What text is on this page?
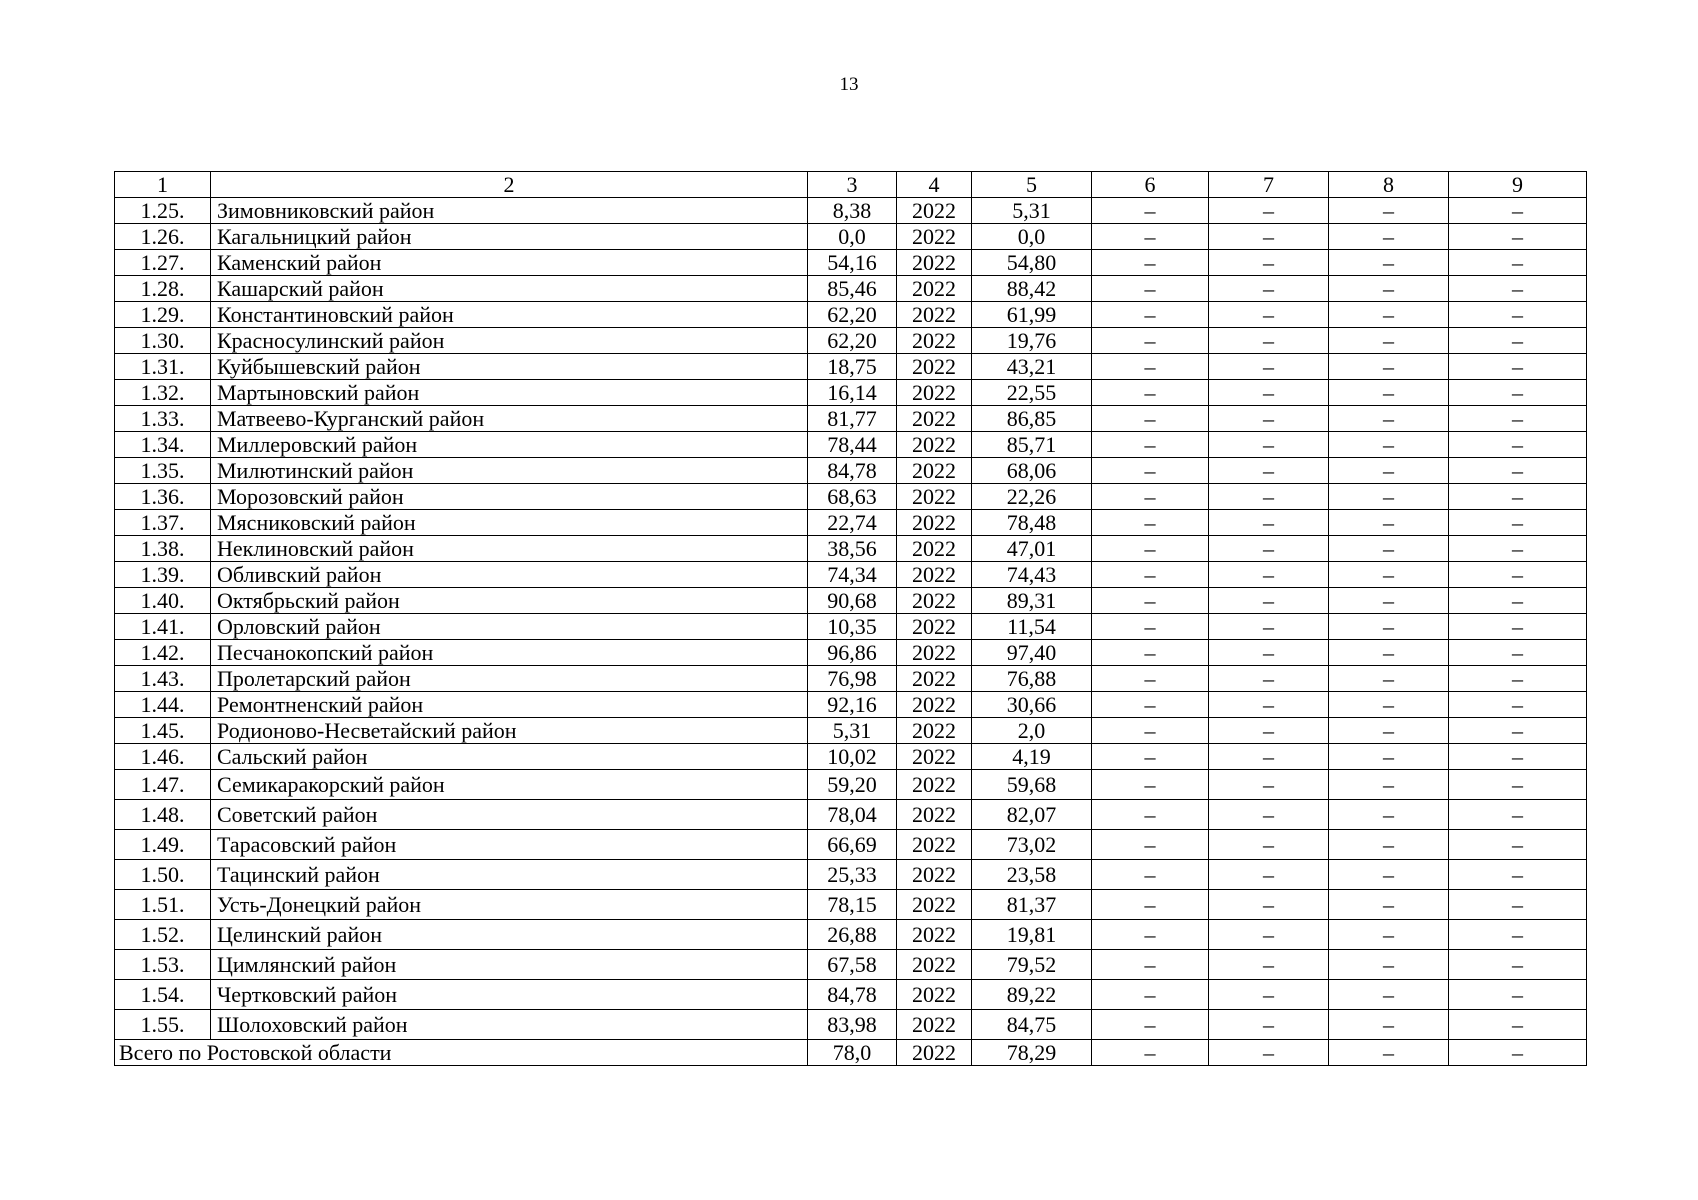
13
1	2	3	4	5	6	7	8	9
1.25.	Зимовниковский район	8,38	2022	5,31	–	–	–	–
1.26.	Кагальницкий район	0,0	2022	0,0	–	–	–	–
1.27.	Каменский район	54,16	2022	54,80	–	–	–	–
1.28.	Кашарский район	85,46	2022	88,42	–	–	–	–
1.29.	Константиновский район	62,20	2022	61,99	–	–	–	–
1.30.	Красносулинский район	62,20	2022	19,76	–	–	–	–
1.31.	Куйбышевский район	18,75	2022	43,21	–	–	–	–
1.32.	Мартыновский район	16,14	2022	22,55	–	–	–	–
1.33.	Матвеево-Курганский район	81,77	2022	86,85	–	–	–	–
1.34.	Миллеровский район	78,44	2022	85,71	–	–	–	–
1.35.	Милютинский район	84,78	2022	68,06	–	–	–	–
1.36.	Морозовский район	68,63	2022	22,26	–	–	–	–
1.37.	Мясниковский район	22,74	2022	78,48	–	–	–	–
1.38.	Неклиновский район	38,56	2022	47,01	–	–	–	–
1.39.	Обливский район	74,34	2022	74,43	–	–	–	–
1.40.	Октябрьский район	90,68	2022	89,31	–	–	–	–
1.41.	Орловский район	10,35	2022	11,54	–	–	–	–
1.42.	Песчанокопский район	96,86	2022	97,40	–	–	–	–
1.43.	Пролетарский район	76,98	2022	76,88	–	–	–	–
1.44.	Ремонтненский район	92,16	2022	30,66	–	–	–	–
1.45.	Родионово-Несветайский район	5,31	2022	2,0	–	–	–	–
1.46.	Сальский район	10,02	2022	4,19	–	–	–	–
1.47.	Семикаракорский район	59,20	2022	59,68	–	–	–	–
1.48.	Советский район	78,04	2022	82,07	–	–	–	–
1.49.	Тарасовский район	66,69	2022	73,02	–	–	–	–
1.50.	Тацинский район	25,33	2022	23,58	–	–	–	–
1.51.	Усть-Донецкий район	78,15	2022	81,37	–	–	–	–
1.52.	Целинский район	26,88	2022	19,81	–	–	–	–
1.53.	Цимлянский район	67,58	2022	79,52	–	–	–	–
1.54.	Чертковский район	84,78	2022	89,22	–	–	–	–
1.55.	Шолоховский район	83,98	2022	84,75	–	–	–	–
Всего по Ростовской области		78,0	2022	78,29	–	–	–	–
